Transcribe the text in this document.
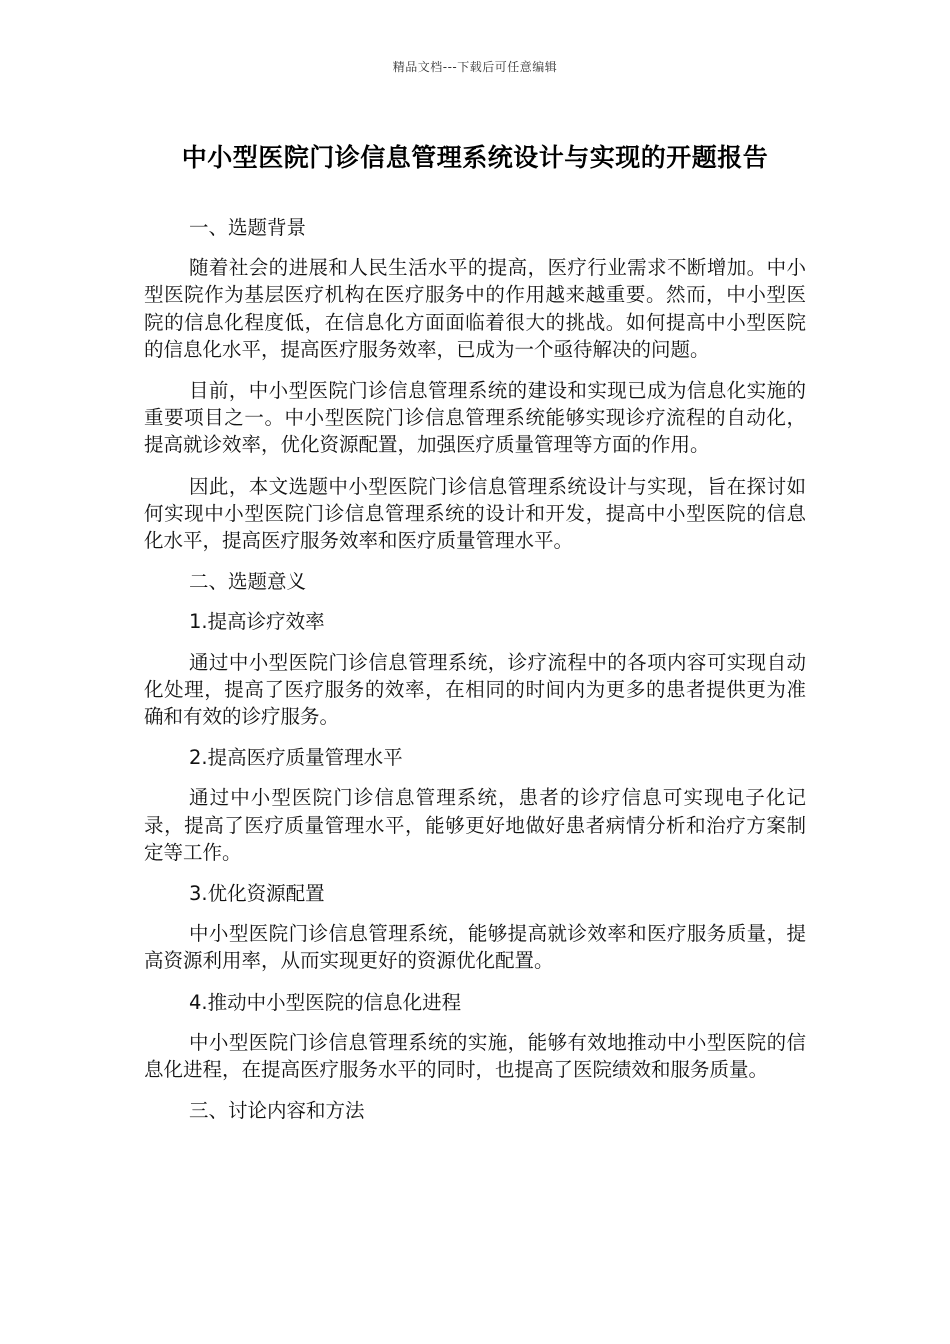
精品文档---下载后可任意编辑
中小型医院门诊信息管理系统设计与实现的开题报告

一、选题背景

随着社会的进展和人民生活水平的提高，医疗行业需求不断增加。中小型医院作为基层医疗机构在医疗服务中的作用越来越重要。然而，中小型医院的信息化程度低，在信息化方面面临着很大的挑战。如何提高中小型医院的信息化水平，提高医疗服务效率，已成为一个亟待解决的问题。

目前，中小型医院门诊信息管理系统的建设和实现已成为信息化实施的重要项目之一。中小型医院门诊信息管理系统能够实现诊疗流程的自动化，提高就诊效率，优化资源配置，加强医疗质量管理等方面的作用。

因此，本文选题中小型医院门诊信息管理系统设计与实现，旨在探讨如何实现中小型医院门诊信息管理系统的设计和开发，提高中小型医院的信息化水平，提高医疗服务效率和医疗质量管理水平。

二、选题意义

1.提高诊疗效率

通过中小型医院门诊信息管理系统，诊疗流程中的各项内容可实现自动化处理，提高了医疗服务的效率，在相同的时间内为更多的患者提供更为准确和有效的诊疗服务。

2.提高医疗质量管理水平

通过中小型医院门诊信息管理系统，患者的诊疗信息可实现电子化记录，提高了医疗质量管理水平，能够更好地做好患者病情分析和治疗方案制定等工作。

3.优化资源配置

中小型医院门诊信息管理系统，能够提高就诊效率和医疗服务质量，提高资源利用率，从而实现更好的资源优化配置。

4.推动中小型医院的信息化进程

中小型医院门诊信息管理系统的实施，能够有效地推动中小型医院的信息化进程，在提高医疗服务水平的同时，也提高了医院绩效和服务质量。

三、讨论内容和方法
